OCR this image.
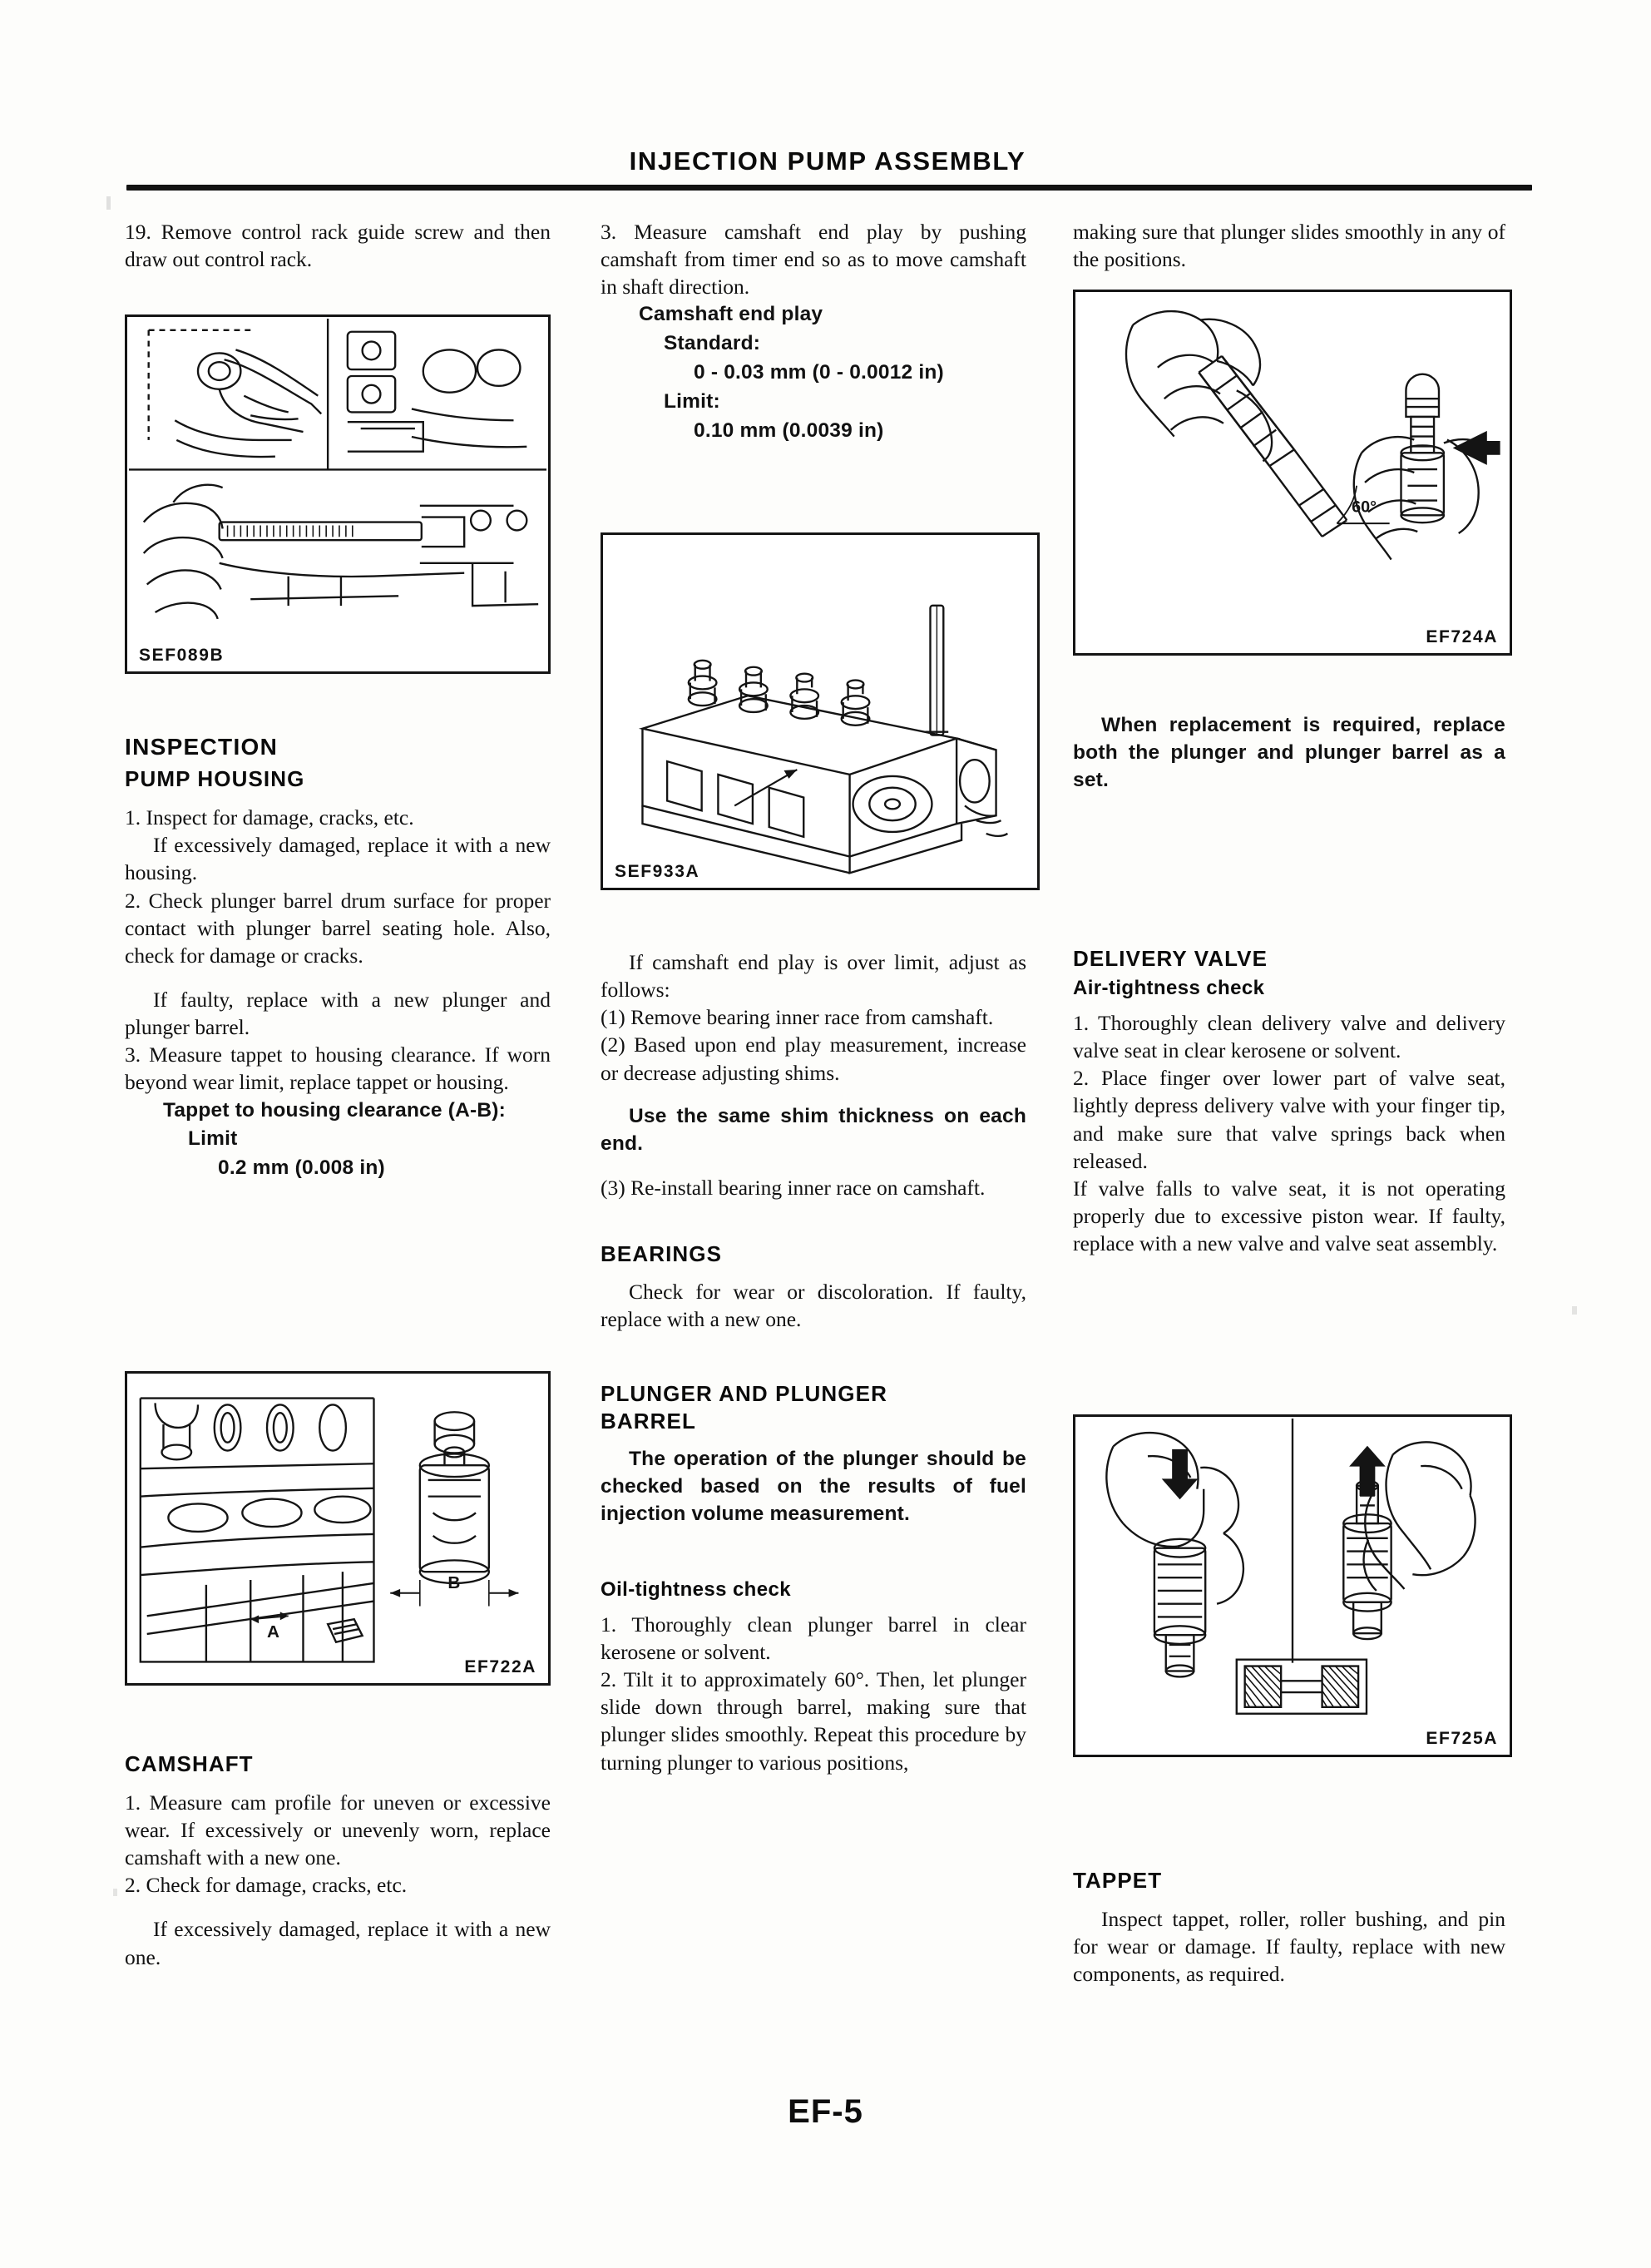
INJECTION PUMP ASSEMBLY

19. Remove control rack guide screw and then draw out control rack.

SEF089B
INSPECTION
PUMP HOUSING

1. Inspect for damage, cracks, etc.

If excessively damaged, replace it with a new housing.

2. Check plunger barrel drum surface for proper contact with plunger barrel seating hole. Also, check for damage or cracks.

If faulty, replace with a new plunger and plunger barrel.

3. Measure tappet to housing clearance. If worn beyond wear limit, replace tappet or housing.

Tappet to housing clearance (A-B):
Limit
0.2 mm (0.008 in)
A
B
EF722A
CAMSHAFT

1. Measure cam profile for uneven or excessive wear. If excessively or unevenly worn, replace camshaft with a new one.

2. Check for damage, cracks, etc.

If excessively damaged, replace it with a new one.

3. Measure camshaft end play by pushing camshaft from timer end so as to move camshaft in shaft direction.

Camshaft end play
Standard:
0 - 0.03 mm (0 - 0.0012 in)
Limit:
0.10 mm (0.0039 in)
SEF933A

If camshaft end play is over limit, adjust as follows:

(1) Remove bearing inner race from camshaft.

(2) Based upon end play measurement, increase or decrease adjusting shims.

Use the same shim thickness on each end.

(3) Re-install bearing inner race on camshaft.

BEARINGS

Check for wear or discoloration. If faulty, replace with a new one.

PLUNGER AND PLUNGER
BARREL

The operation of the plunger should be checked based on the results of fuel injection volume measurement.

Oil-tightness check

1. Thoroughly clean plunger barrel in clear kerosene or solvent.

2. Tilt it to approximately 60°. Then, let plunger slide down through barrel, making sure that plunger slides smoothly. Repeat this procedure by turning plunger to various positions,

making sure that plunger slides smoothly in any of the positions.

60°
EF724A

When replacement is required, replace both the plunger and plunger barrel as a set.

DELIVERY VALVE
Air-tightness check

1. Thoroughly clean delivery valve and delivery valve seat in clear kerosene or solvent.

2. Place finger over lower part of valve seat, lightly depress delivery valve with your finger tip, and make sure that valve springs back when released.

If valve falls to valve seat, it is not operating properly due to excessive piston wear. If faulty, replace with a new valve and valve seat assembly.

EF725A
TAPPET

Inspect tappet, roller, roller bushing, and pin for wear or damage. If faulty, replace with new components, as required.

EF-5
